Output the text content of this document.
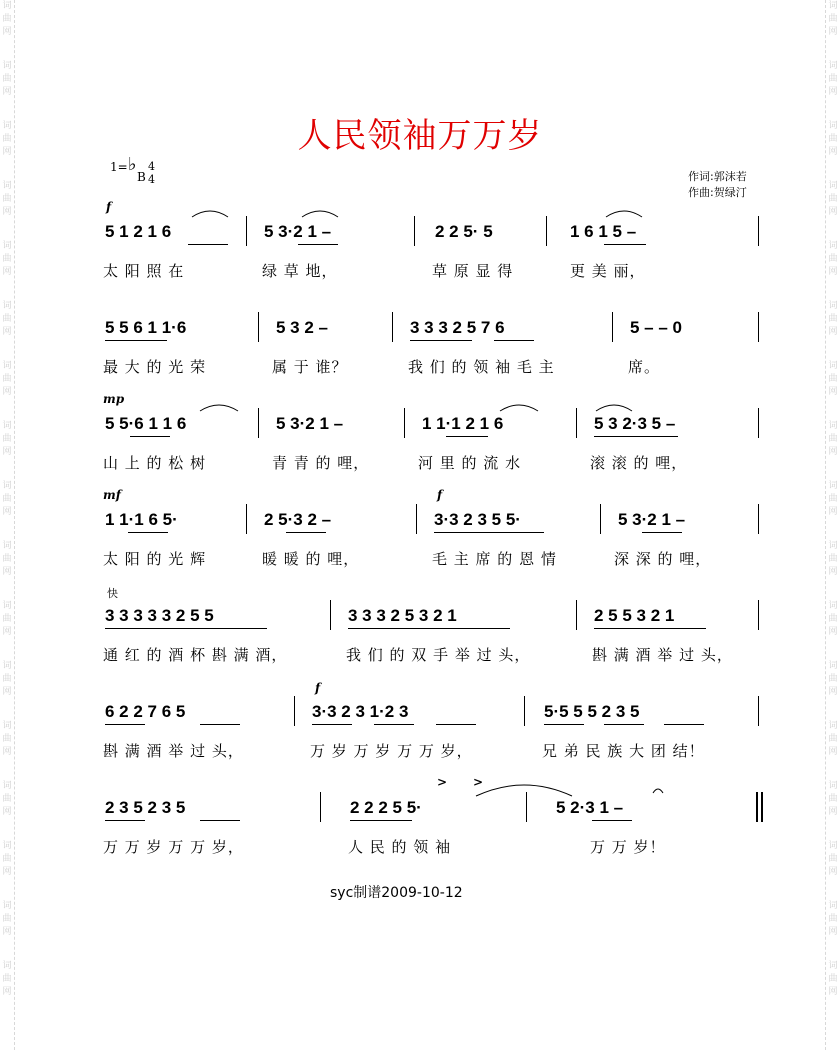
词曲网
词曲网
词曲网
词曲网
词曲网
词曲网
词曲网
词曲网
词曲网
词曲网
词曲网
词曲网
词曲网
词曲网
词曲网
词曲网
词曲网
词曲网
词曲网
词曲网
词曲网
词曲网
词曲网
词曲网
词曲网
词曲网
词曲网
词曲网
词曲网
词曲网
词曲网
词曲网
词曲网
词曲网
人民领袖万万岁
1= ♭
B
4
4	作词:郭沫若
作曲:贺绿汀
f
mp
mf	f
快
f
> >
5 1 2 1 6	5 3·2 1 –	2 2 5· 5	1 6 1 5 –
太 阳 照 在	绿 草 地，	草 原 显 得	更 美 丽，
5 5 6 1 1·6	5 3 2 –	3 3 3 2 5 7 6	5 – – 0
最 大 的 光 荣	属 于 谁？	我 们 的 领 袖 毛 主	席。
5 5·6 1 1 6	5 3·2 1 –	1 1·1 2 1 6	5 3 2·3 5 –
山 上 的 松 树	青 青 的 哩，	河 里 的 流 水	滚 滚 的 哩，
1 1·1 6 5·	2 5·3 2 –	3·3 2 3 5 5·	5 3·2 1 –
太 阳 的 光 辉	暖 暖 的 哩，	毛 主 席 的 恩 情	深 深 的 哩，
3 3 3 3 3 2 5 5	3 3 3 2 5 3 2 1	2 5 5 3 2 1
通 红 的 酒 杯 斟 满 酒，	我 们 的 双 手 举 过 头，	斟 满 酒 举 过 头，
6 2 2 7 6 5	3·3 2 3 1·2 3	5·5 5 5 2 3 5
斟 满 酒 举 过 头，	万 岁 万 岁 万 万 岁，	兄 弟 民 族 大 团 结！
2 3 5 2 3 5	2 2 2 5 5·	5 2·3 1 –
万 万 岁 万 万 岁，	人 民 的 领 袖	万 万 岁！
syc制谱2009-10-12
